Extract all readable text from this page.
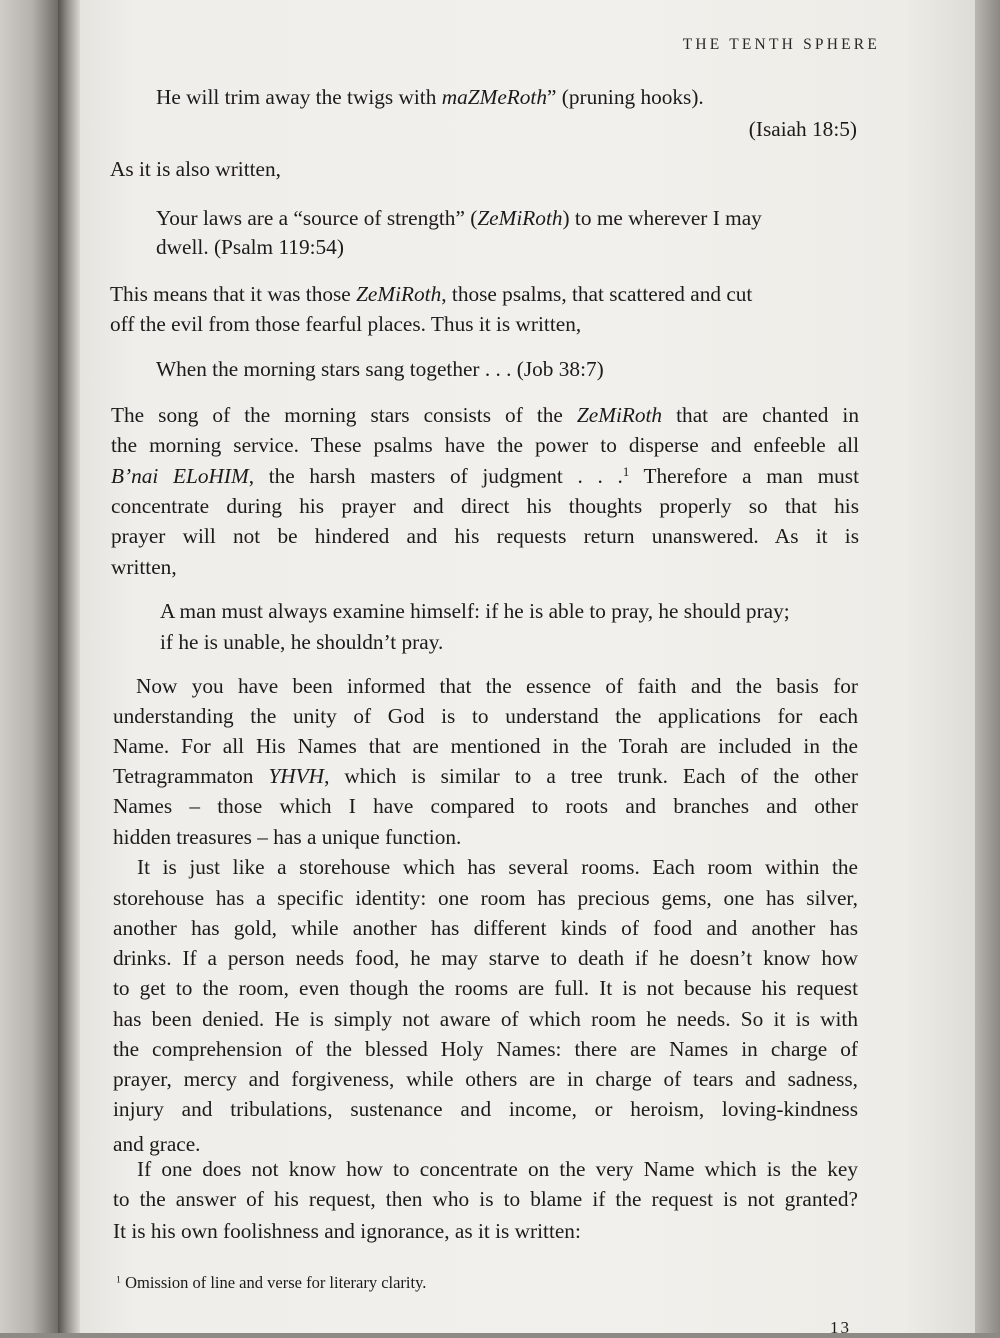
THE TENTH SPHERE
He will trim away the twigs with maZMeRoth” (pruning hooks).
(Isaiah 18:5)
As it is also written,
Your laws are a “source of strength” (ZeMiRoth) to me wherever I may
dwell. (Psalm 119:54)
This means that it was those ZeMiRoth, those psalms, that scattered and cut
off the evil from those fearful places. Thus it is written,
When the morning stars sang together . . . (Job 38:7)
The song of the morning stars consists of the ZeMiRoth that are chanted in
the morning service. These psalms have the power to disperse and enfeeble all
B’nai ELoHIM, the harsh masters of judgment . . .$^1$ Therefore a man must
concentrate during his prayer and direct his thoughts properly so that his
prayer will not be hindered and his requests return unanswered. As it is
written,
A man must always examine himself: if he is able to pray, he should pray;
if he is unable, he shouldn’t pray.
Now you have been informed that the essence of faith and the basis for
understanding the unity of God is to understand the applications for each
Name. For all His Names that are mentioned in the Torah are included in the
Tetragrammaton YHVH, which is similar to a tree trunk. Each of the other
Names – those which I have compared to roots and branches and other
hidden treasures – has a unique function.
It is just like a storehouse which has several rooms. Each room within the
storehouse has a specific identity: one room has precious gems, one has silver,
another has gold, while another has different kinds of food and another has
drinks. If a person needs food, he may starve to death if he doesn’t know how
to get to the room, even though the rooms are full. It is not because his request
has been denied. He is simply not aware of which room he needs. So it is with
the comprehension of the blessed Holy Names: there are Names in charge of
prayer, mercy and forgiveness, while others are in charge of tears and sadness,
injury and tribulations, sustenance and income, or heroism, loving-kindness
and grace.
If one does not know how to concentrate on the very Name which is the key
to the answer of his request, then who is to blame if the request is not granted?
It is his own foolishness and ignorance, as it is written:
$^1$ Omission of line and verse for literary clarity.
13
